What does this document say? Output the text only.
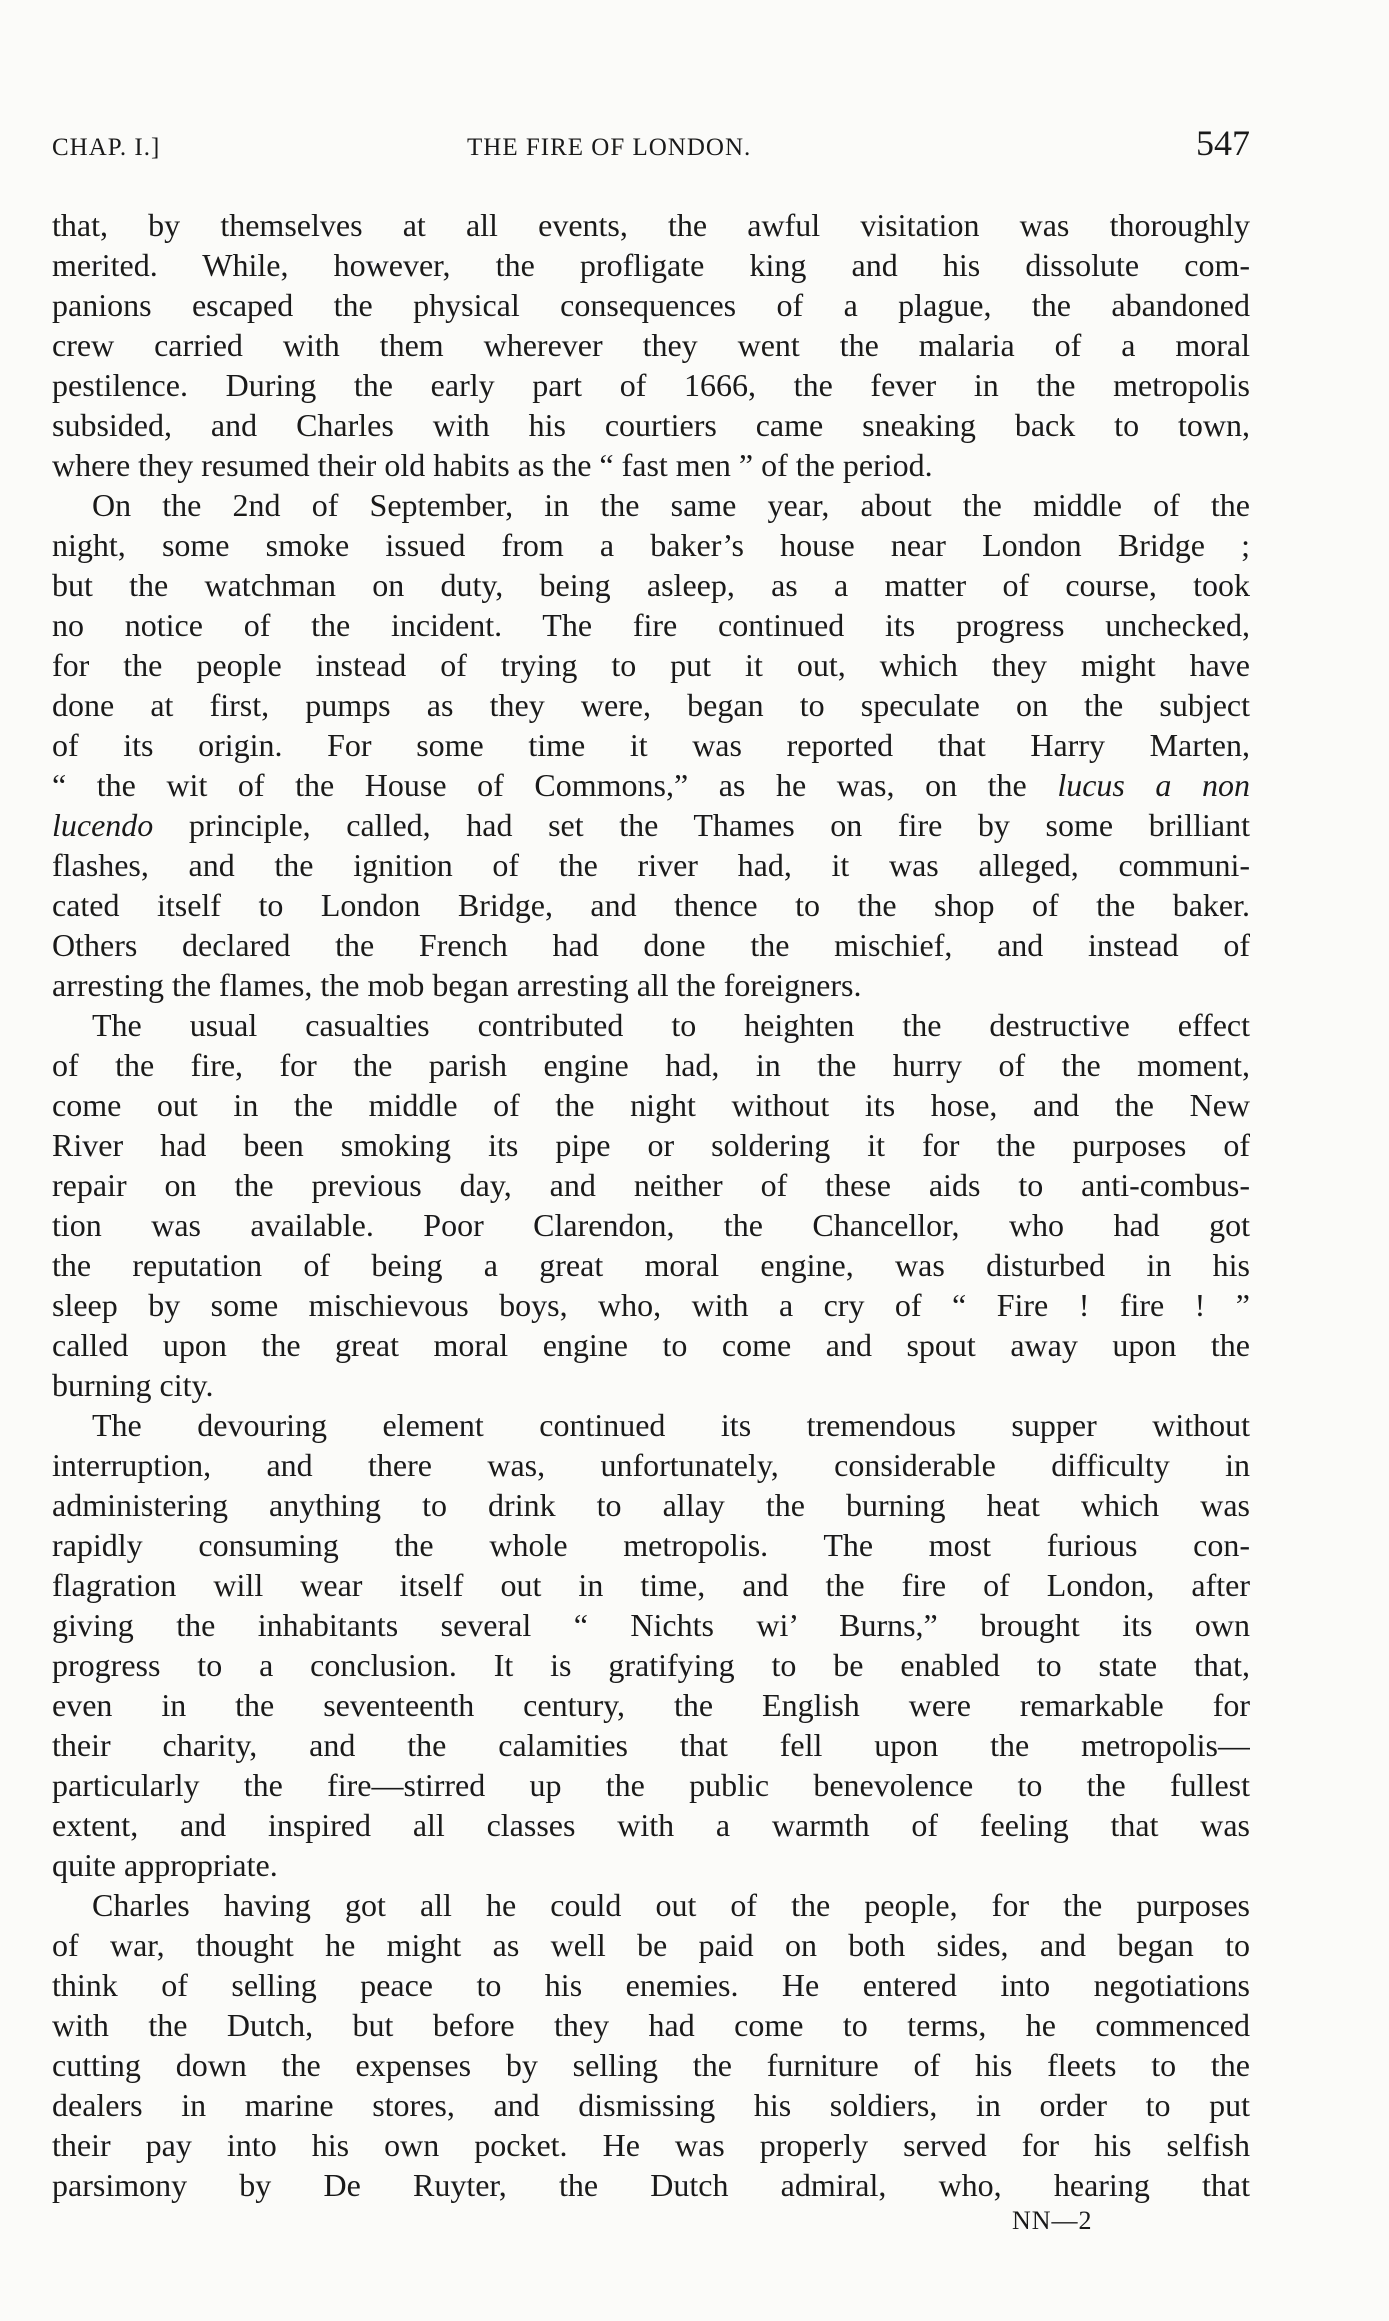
CHAP. I.]	THE FIRE OF LONDON.	547
that, by themselves at all events, the awful visitation was thoroughly
merited. While, however, the profligate king and his dissolute com-
panions escaped the physical consequences of a plague, the abandoned
crew carried with them wherever they went the malaria of a moral
pestilence. During the early part of 1666, the fever in the metropolis
subsided, and Charles with his courtiers came sneaking back to town,
where they resumed their old habits as the “ fast men ” of the period.
On the 2nd of September, in the same year, about the middle of the
night, some smoke issued from a baker’s house near London Bridge ;
but the watchman on duty, being asleep, as a matter of course, took
no notice of the incident. The fire continued its progress unchecked,
for the people instead of trying to put it out, which they might have
done at first, pumps as they were, began to speculate on the subject
of its origin. For some time it was reported that Harry Marten,
“ the wit of the House of Commons,” as he was, on the lucus a non
lucendo principle, called, had set the Thames on fire by some brilliant
flashes, and the ignition of the river had, it was alleged, communi-
cated itself to London Bridge, and thence to the shop of the baker.
Others declared the French had done the mischief, and instead of
arresting the flames, the mob began arresting all the foreigners.
The usual casualties contributed to heighten the destructive effect
of the fire, for the parish engine had, in the hurry of the moment,
come out in the middle of the night without its hose, and the New
River had been smoking its pipe or soldering it for the purposes of
repair on the previous day, and neither of these aids to anti-combus-
tion was available. Poor Clarendon, the Chancellor, who had got
the reputation of being a great moral engine, was disturbed in his
sleep by some mischievous boys, who, with a cry of “ Fire ! fire ! ”
called upon the great moral engine to come and spout away upon the
burning city.
The devouring element continued its tremendous supper without
interruption, and there was, unfortunately, considerable difficulty in
administering anything to drink to allay the burning heat which was
rapidly consuming the whole metropolis. The most furious con-
flagration will wear itself out in time, and the fire of London, after
giving the inhabitants several “ Nichts wi’ Burns,” brought its own
progress to a conclusion. It is gratifying to be enabled to state that,
even in the seventeenth century, the English were remarkable for
their charity, and the calamities that fell upon the metropolis—
particularly the fire—stirred up the public benevolence to the fullest
extent, and inspired all classes with a warmth of feeling that was
quite appropriate.
Charles having got all he could out of the people, for the purposes
of war, thought he might as well be paid on both sides, and began to
think of selling peace to his enemies. He entered into negotiations
with the Dutch, but before they had come to terms, he commenced
cutting down the expenses by selling the furniture of his fleets to the
dealers in marine stores, and dismissing his soldiers, in order to put
their pay into his own pocket. He was properly served for his selfish
parsimony by De Ruyter, the Dutch admiral, who, hearing that
NN—2
